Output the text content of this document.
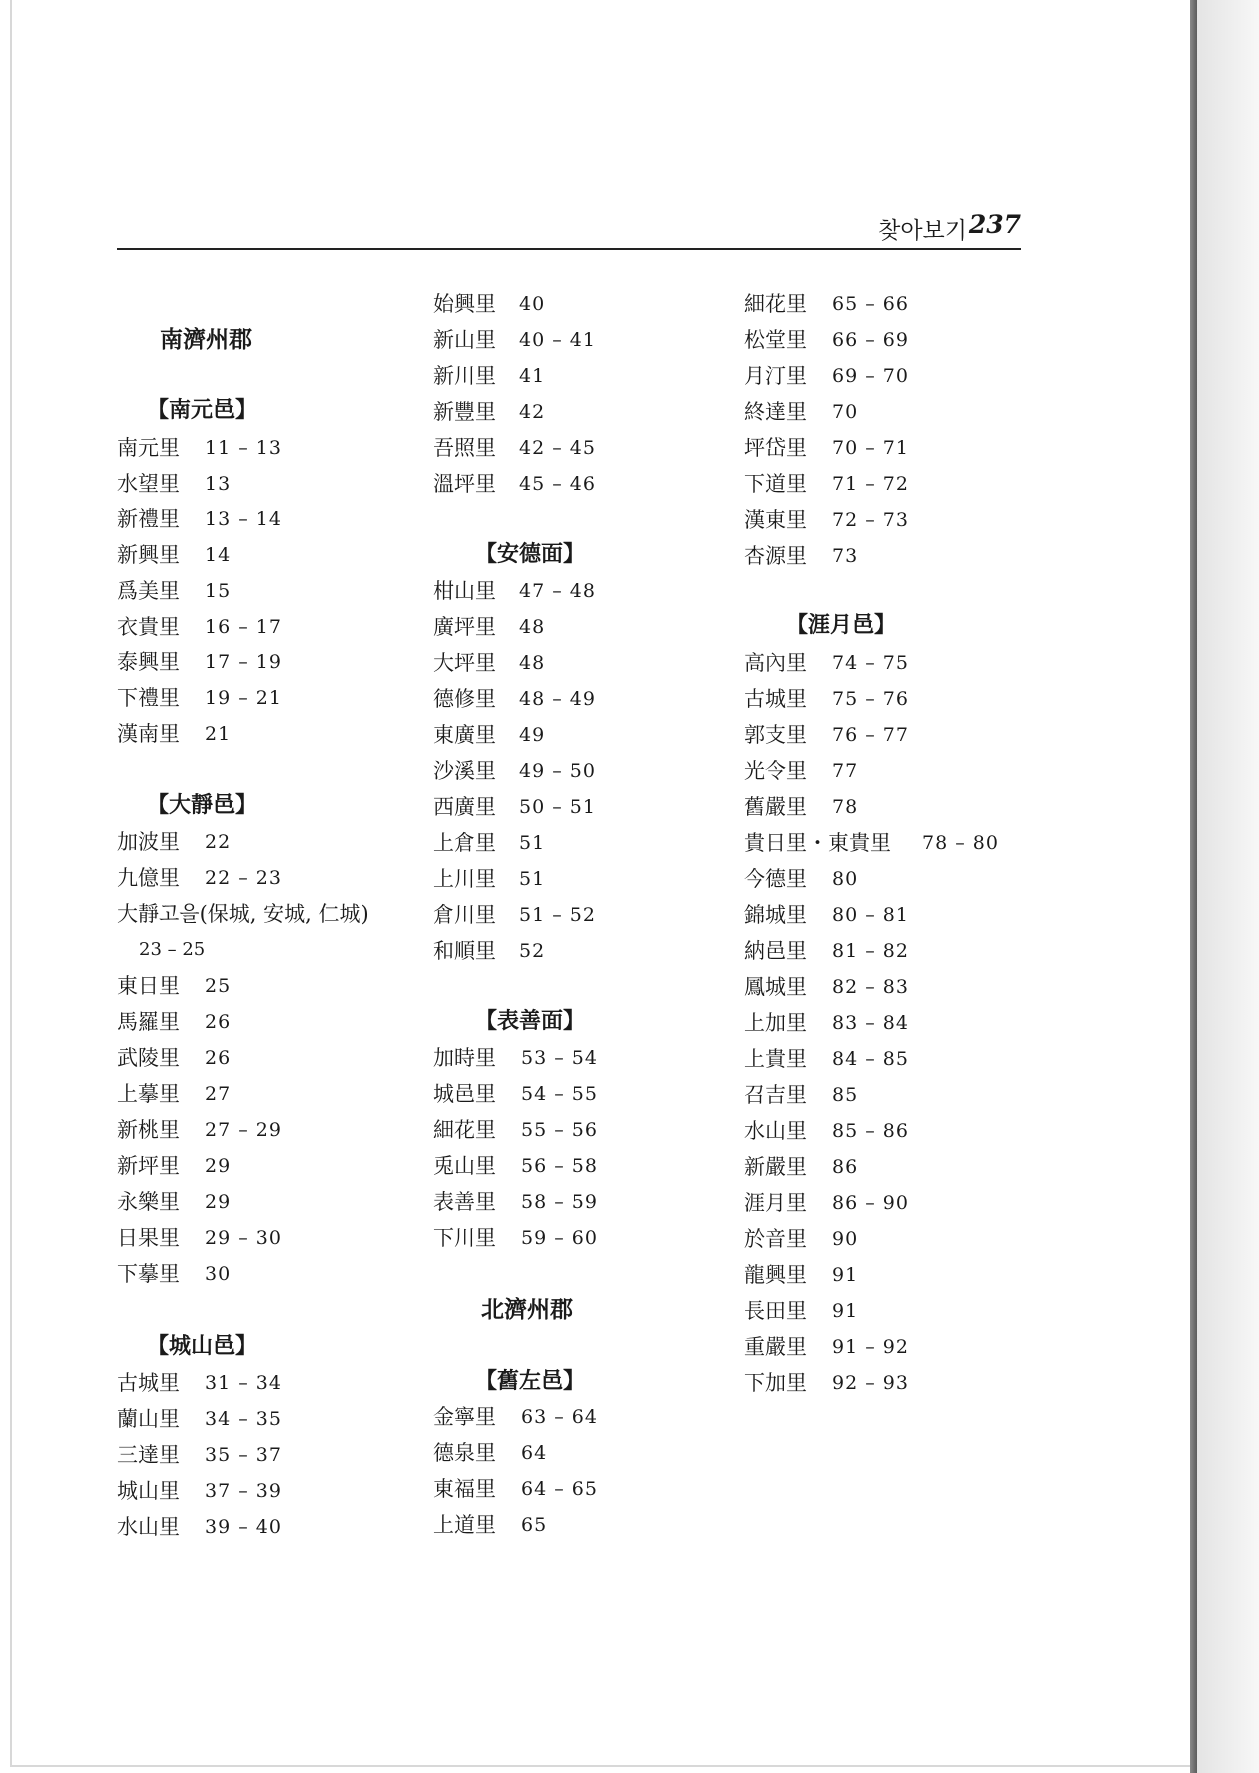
찾아보기 237
南濟州郡
【南元邑】
南元里 11 – 13
水望里 13
新禮里 13 – 14
新興里 14
爲美里 15
衣貴里 16 – 17
泰興里 17 – 19
下禮里 19 – 21
漢南里 21
【大靜邑】
加波里 22
九億里 22 – 23
大靜고을(保城, 安城, 仁城)
23 – 25
東日里 25
馬羅里 26
武陵里 26
上摹里 27
新桃里 27 – 29
新坪里 29
永樂里 29
日果里 29 – 30
下摹里 30
【城山邑】
古城里 31 – 34
蘭山里 34 – 35
三達里 35 – 37
城山里 37 – 39
水山里 39 – 40
始興里 40
新山里 40 – 41
新川里 41
新豐里 42
吾照里 42 – 45
溫坪里 45 – 46
【安德面】
柑山里 47 – 48
廣坪里 48
大坪里 48
德修里 48 – 49
東廣里 49
沙溪里 49 – 50
西廣里 50 – 51
上倉里 51
上川里 51
倉川里 51 – 52
和順里 52
【表善面】
加時里 53 – 54
城邑里 54 – 55
細花里 55 – 56
兎山里 56 – 58
表善里 58 – 59
下川里 59 – 60
北濟州郡
【舊左邑】
金寧里 63 – 64
德泉里 64
東福里 64 – 65
上道里 65
細花里 65 – 66
松堂里 66 – 69
月汀里 69 – 70
終達里 70
坪岱里 70 – 71
下道里 71 – 72
漢東里 72 – 73
杏源里 73
【涯月邑】
高內里 74 – 75
古城里 75 – 76
郭支里 76 – 77
光令里 77
舊嚴里 78
貴日里・東貴里 78 – 80
今德里 80
錦城里 80 – 81
納邑里 81 – 82
鳳城里 82 – 83
上加里 83 – 84
上貴里 84 – 85
召吉里 85
水山里 85 – 86
新嚴里 86
涯月里 86 – 90
於音里 90
龍興里 91
長田里 91
重嚴里 91 – 92
下加里 92 – 93
